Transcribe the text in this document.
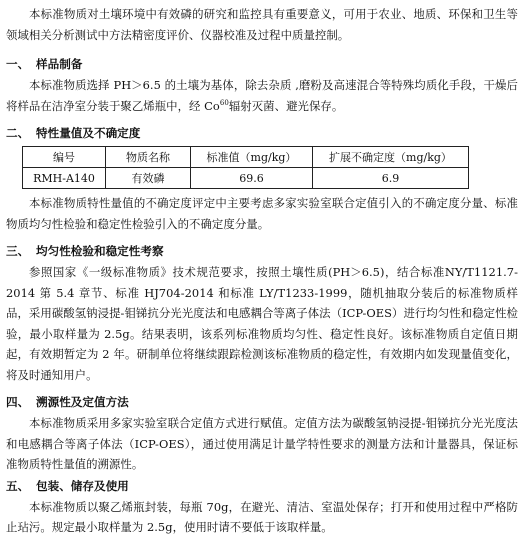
本标准物质对土壤环境中有效磷的研究和监控具有重要意义，可用于农业、地质、环保和卫生等领域相关分析测试中方法精密度评价、仪器校准及过程中质量控制。

一、 样品制备

本标准物质选择 PH＞6.5 的土壤为基体，除去杂质 ,磨粉及高速混合等特殊均质化手段，干燥后将样品在洁净室分装于聚乙烯瓶中，经 Co$^{60}$辐射灭菌、避光保存。

二、 特性量值及不确定度
编号	物质名称	标准值（mg/kg）	扩展不确定度（mg/kg）
RMH-A140	有效磷	69.6	6.9

本标准物质特性量值的不确定度评定中主要考虑多家实验室联合定值引入的不确定度分量、标准物质均匀性检验和稳定性检验引入的不确定度分量。

三、 均匀性检验和稳定性考察

参照国家《一级标准物质》技术规范要求，按照土壤性质(PH＞6.5)，结合标准NY/T1121.7-2014 第 5.4 章节、标准 HJ704-2014 和标准 LY/T1233-1999，随机抽取分装后的标准物质样品，采用碳酸氢钠浸提-钼锑抗分光光度法和电感耦合等离子体法（ICP-OES）进行均匀性和稳定性检验，最小取样量为 2.5g。结果表明，该系列标准物质均匀性、稳定性良好。该标准物质自定值日期起，有效期暂定为 2 年。研制单位将继续跟踪检测该标准物质的稳定性，有效期内如发现量值变化，将及时通知用户。

四、 溯源性及定值方法

本标准物质采用多家实验室联合定值方式进行赋值。定值方法为碳酸氢钠浸提-钼锑抗分光光度法和电感耦合等离子体法（ICP-OES），通过使用满足计量学特性要求的测量方法和计量器具，保证标准物质特性量值的溯源性。

五、 包装、储存及使用

本标准物质以聚乙烯瓶封装，每瓶 70g，在避光、清洁、室温处保存；打开和使用过程中严格防止玷污。规定最小取样量为 2.5g，使用时请不要低于该取样量。
